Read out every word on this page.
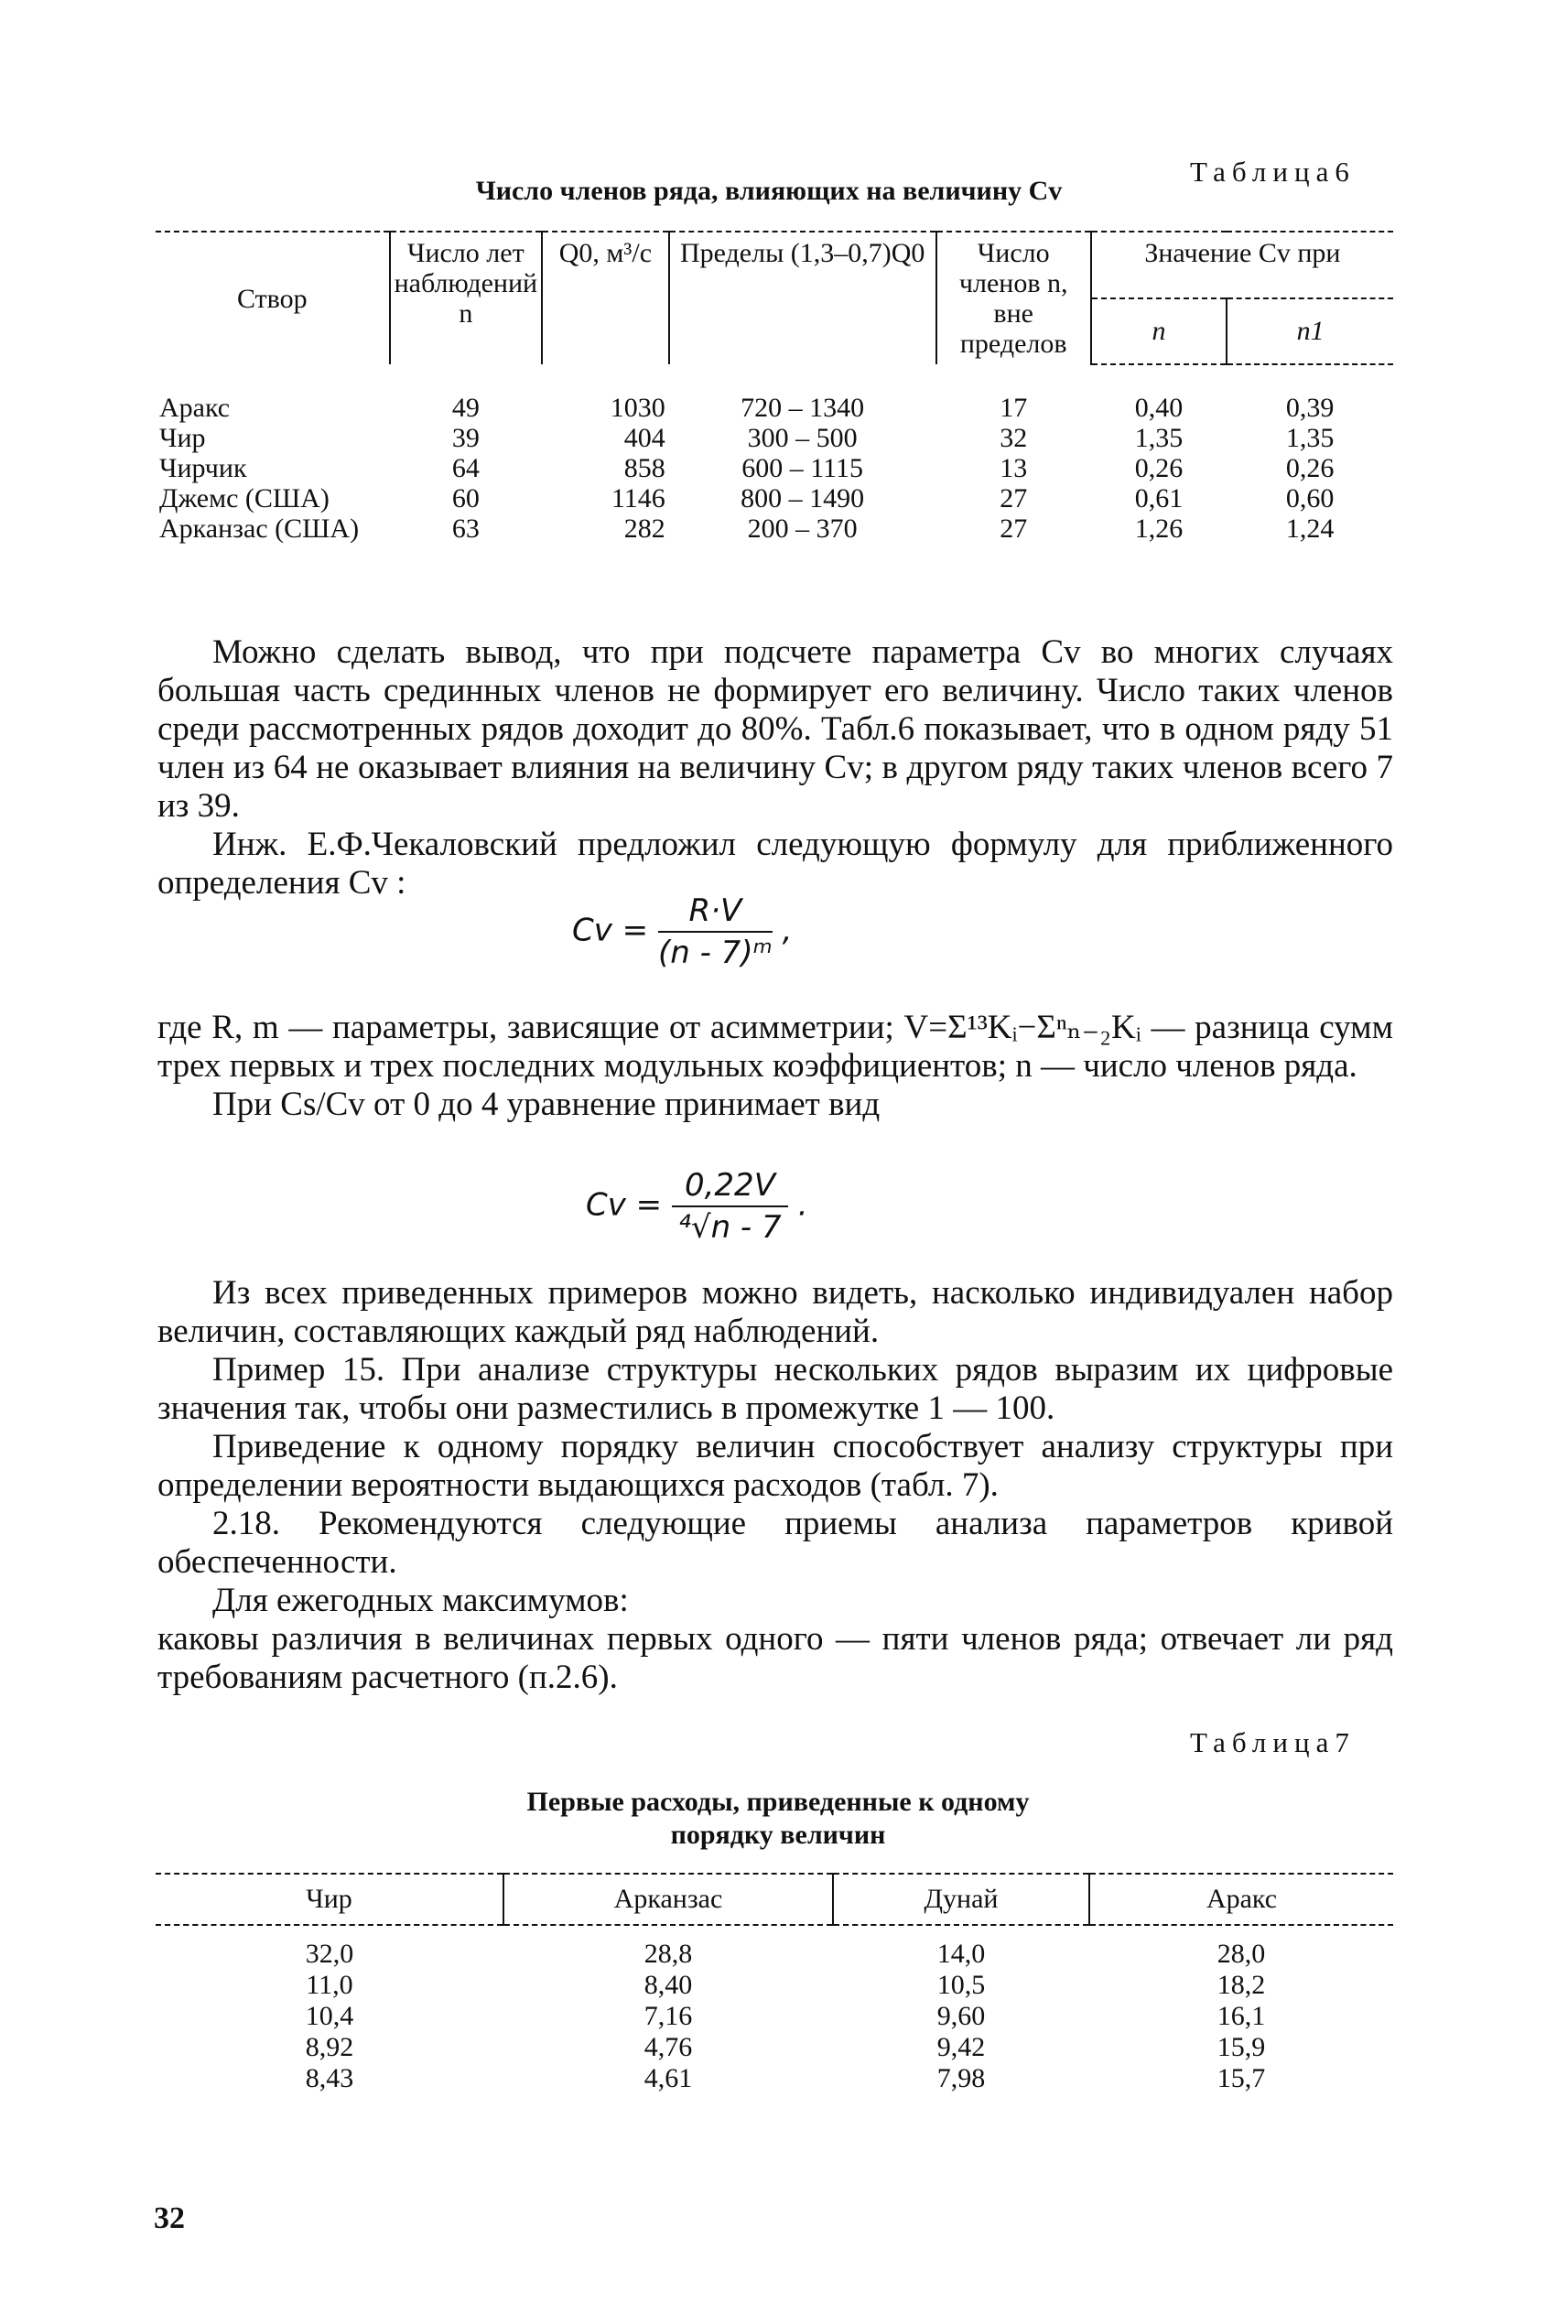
Таблица6
Число членов ряда, влияющих на величину Cv
Створ	Число лет наблюдений n	Q0, м³/с	Пределы (1,3–0,7)Q0	Число членов n, вне пределов	Значение Cv при	
					n	n1
Аракс	49	1030	720 – 1340	17	0,40	0,39
Чир	39	404	300 – 500	32	1,35	1,35
Чирчик	64	858	600 – 1115	13	0,26	0,26
Джемс (США)	60	1146	800 – 1490	27	0,61	0,60
Арканзас (США)	63	282	200 – 370	27	1,26	1,24

Можно сделать вывод, что при подсчете параметра Cv во многих случаях большая часть срединных членов не формирует его величину. Число таких членов среди рассмотренных рядов доходит до 80%. Табл.6 показывает, что в одном ряду 51 член из 64 не оказывает влияния на величину Cv; в другом ряду таких членов всего 7 из 39.

Инж. Е.Ф.Чекаловский предложил следующую формулу для приближенного определения Cv :

$Cv = \frac{R\cdot V}{\text{(n - 7)ᵐ}}$ ,

где R, m — параметры, зависящие от асимметрии; V=Σ¹³Kᵢ−Σⁿₙ₋₂Kᵢ — разница сумм трех первых и трех последних модульных коэффициентов; n — число членов ряда.

При Cs/Cv от 0 до 4 уравнение принимает вид

$Cv = \frac{0,22V}{\text{⁴√n - 7}}$ .

Из всех приведенных примеров можно видеть, насколько индивидуален набор величин, составляющих каждый ряд наблюдений.

Пример 15. При анализе структуры нескольких рядов выразим их цифровые значения так, чтобы они разместились в промежутке 1 — 100.

Приведение к одному порядку величин способствует анализу структуры при определении вероятности выдающихся расходов (табл. 7).

2.18. Рекомендуются следующие приемы анализа параметров кривой обеспеченности.

Для ежегодных максимумов:

каковы различия в величинах первых одного — пяти членов ряда; отвечает ли ряд требованиям расчетного (п.2.6).

Таблица7
Первые расходы, приведенные к одному
порядку величин
Чир	Арканзас	Дунай	Аракс
32,0	28,8	14,0	28,0
11,0	8,40	10,5	18,2
10,4	7,16	9,60	16,1
8,92	4,76	9,42	15,9
8,43	4,61	7,98	15,7
32
